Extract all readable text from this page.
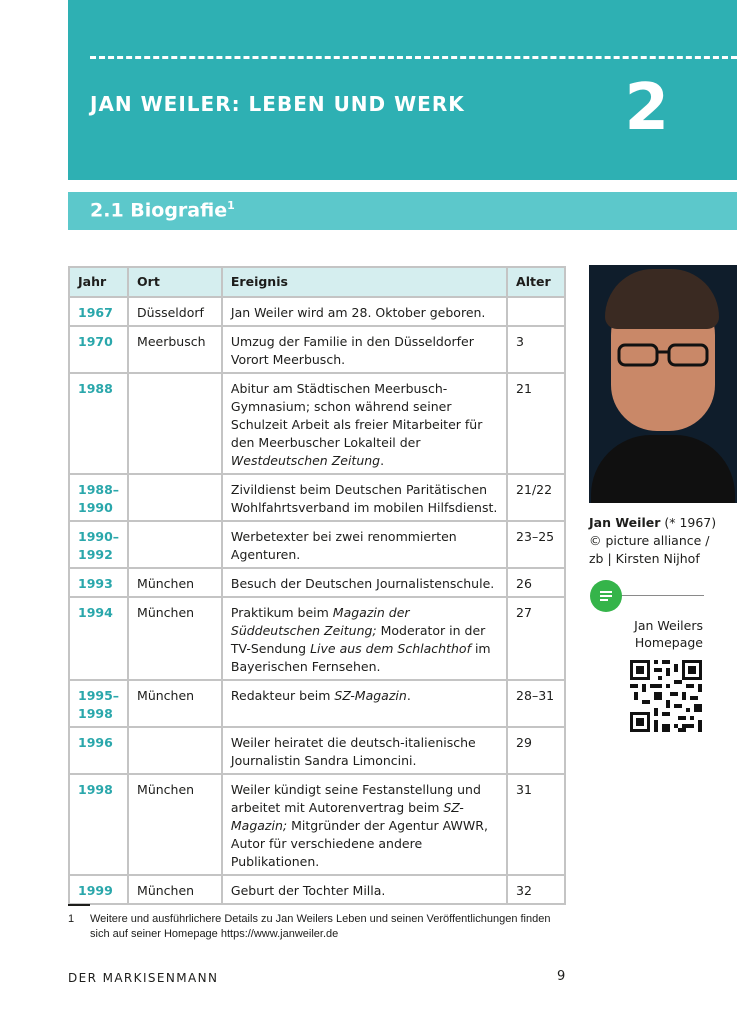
JAN WEILER: LEBEN UND WERK 2
2.1 Biografie$^1$
Jahr	Ort	Ereignis	Alter
1967	Düsseldorf	Jan Weiler wird am 28. Oktober geboren.	
1970	Meerbusch	Umzug der Familie in den Düsseldorfer Vorort Meerbusch.	3
1988		Abitur am Städtischen Meerbusch-Gymnasium; schon während seiner Schulzeit Arbeit als freier Mitarbeiter für den Meerbuscher Lokalteil der Westdeutschen Zeitung.	21
1988–1990		Zivildienst beim Deutschen Paritätischen Wohlfahrtsverband im mobilen Hilfsdienst.	21/22
1990–1992		Werbetexter bei zwei renommierten Agenturen.	23–25
1993	München	Besuch der Deutschen Journalistenschule.	26
1994	München	Praktikum beim Magazin der Süddeutschen Zeitung; Moderator in der TV-Sendung Live aus dem Schlachthof im Bayerischen Fernsehen.	27
1995–1998	München	Redakteur beim SZ-Magazin.	28–31
1996		Weiler heiratet die deutsch-italienische Journalistin Sandra Limoncini.	29
1998	München	Weiler kündigt seine Festanstellung und arbeitet mit Autorenvertrag beim SZ-Magazin; Mitgründer der Agentur AWWR, Autor für verschiedene andere Publikationen.	31
1999	München	Geburt der Tochter Milla.	32
Jan Weiler (* 1967)
© picture alliance /
zb | Kirsten Nijhof
Jan Weilers
Homepage
1 Weitere und ausführlichere Details zu Jan Weilers Leben und seinen Veröffentlichungen finden sich auf seiner Homepage https://www.janweiler.de
DER MARKISENMANN	9
